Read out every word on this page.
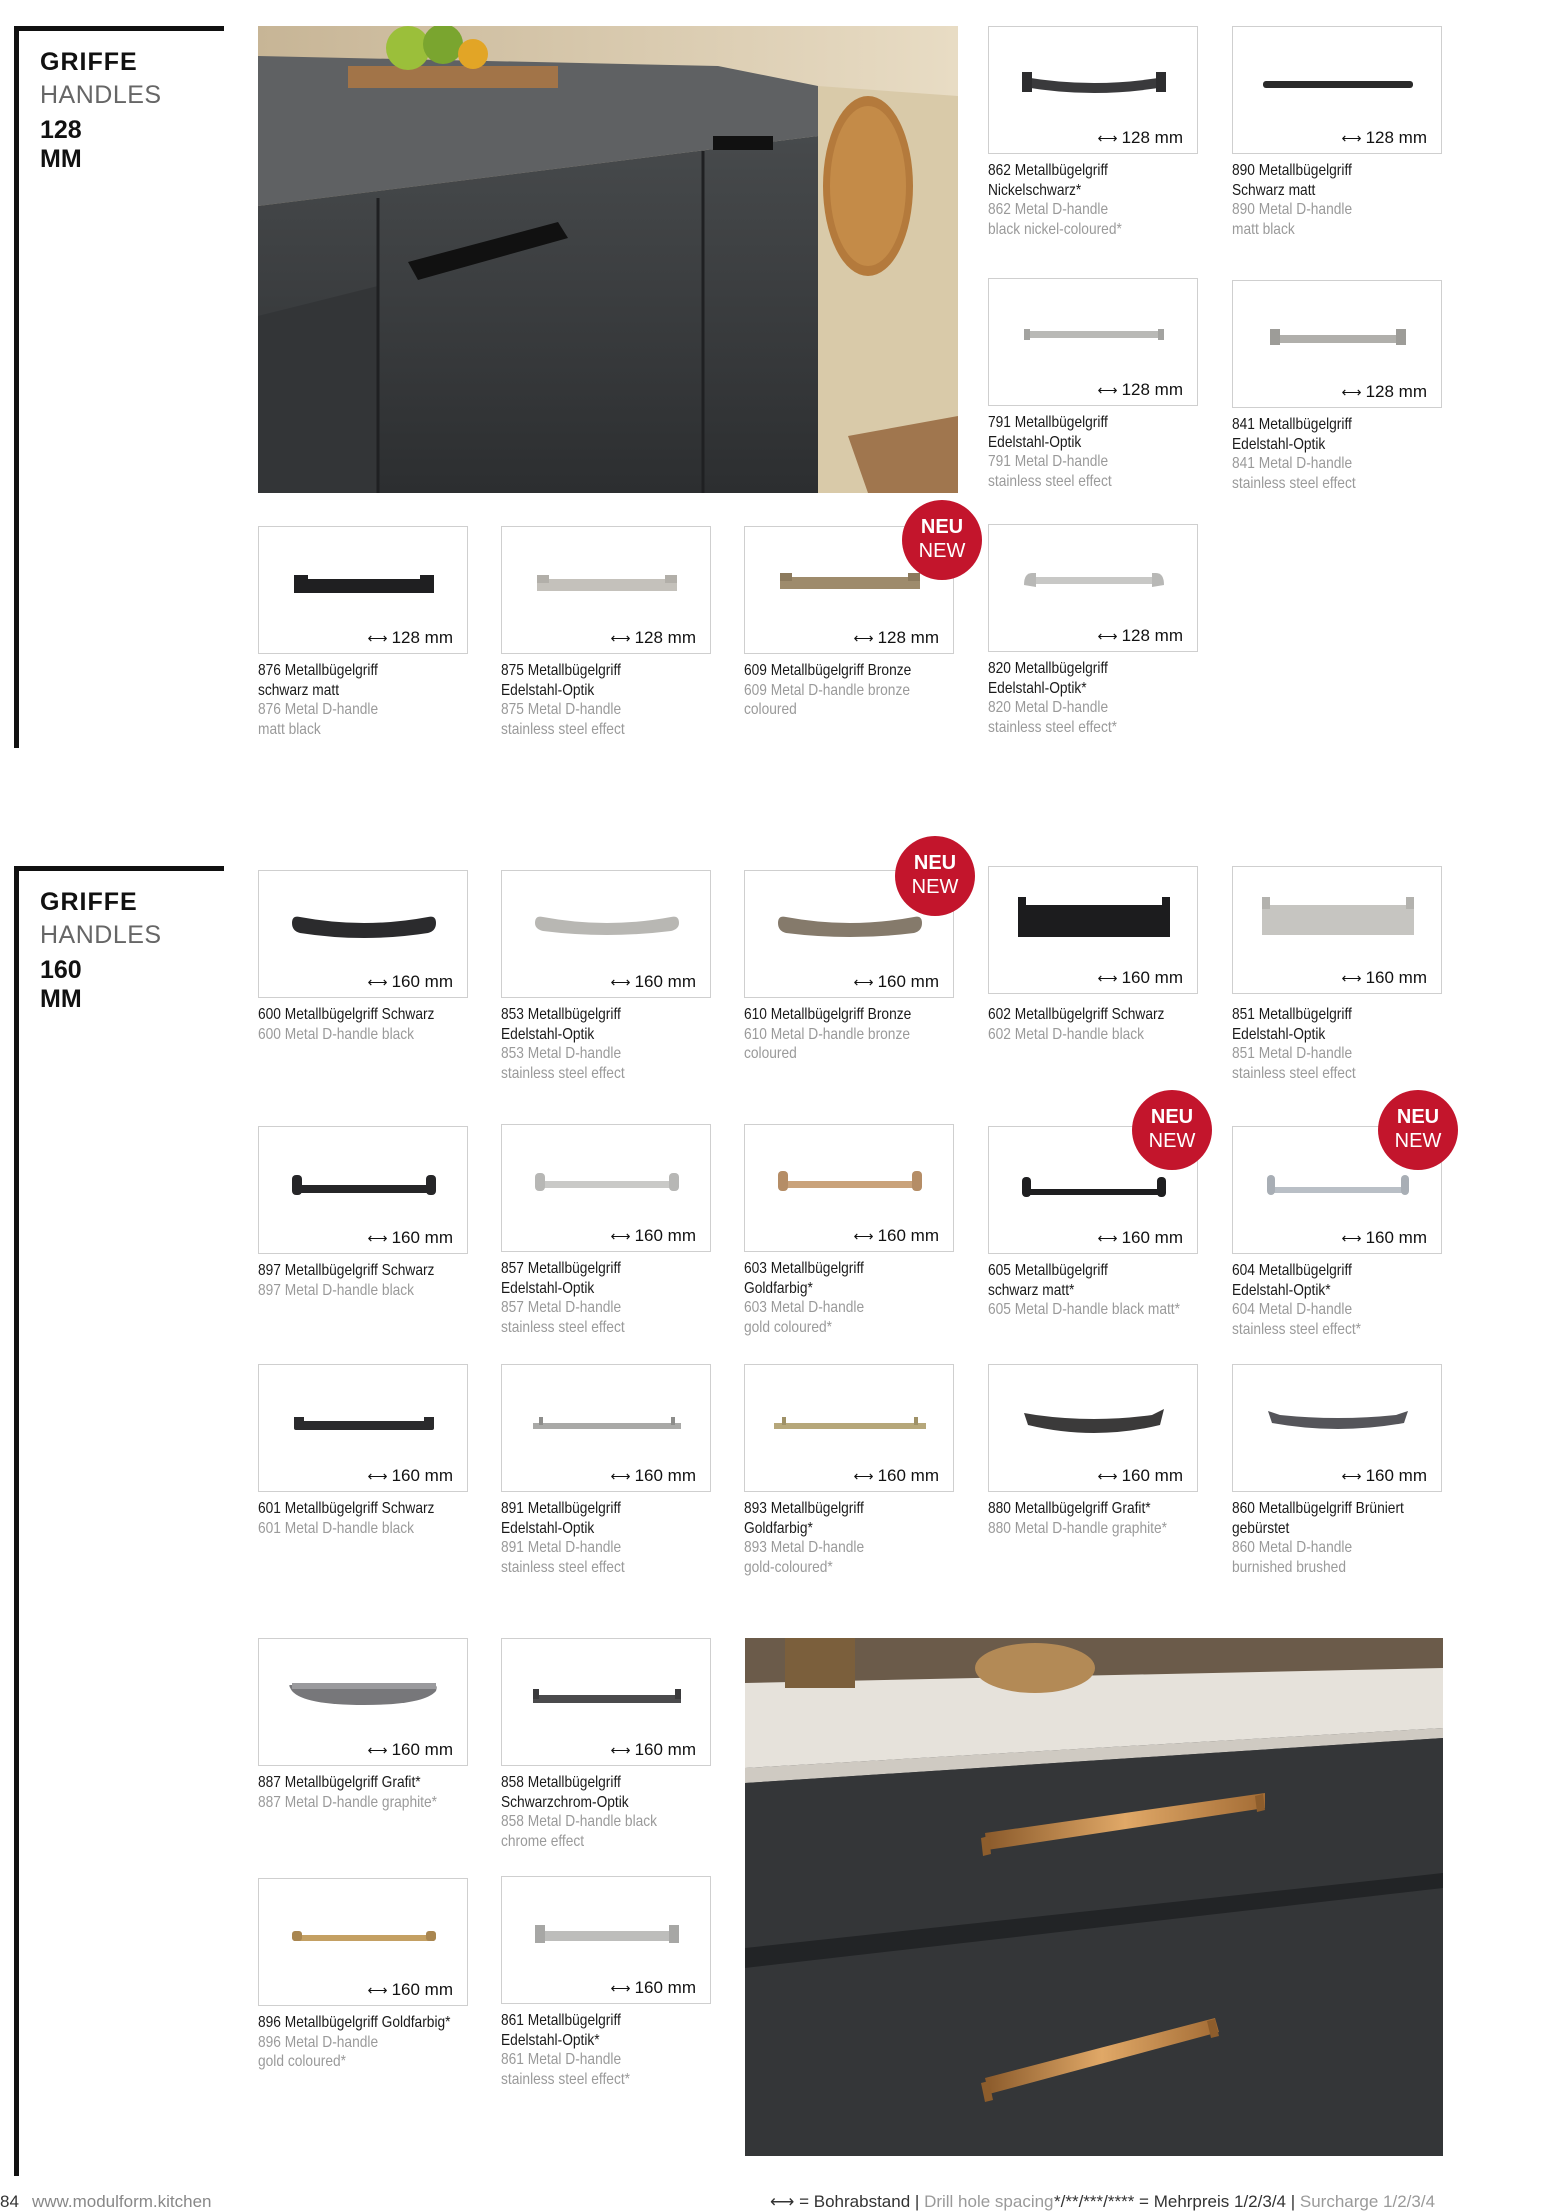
GRIFFE
HANDLES
128 MM
GRIFFE
HANDLES
160 MM
⟷ 128 mm
862 Metallbügelgriff
Nickelschwarz*
862 Metal D-handle
black nickel-coloured*
⟷ 128 mm
890 Metallbügelgriff
Schwarz matt
890 Metal D-handle
matt black
⟷ 128 mm
791 Metallbügelgriff
Edelstahl-Optik
791 Metal D-handle
stainless steel effect
⟷ 128 mm
841 Metallbügelgriff
Edelstahl-Optik
841 Metal D-handle
stainless steel effect
⟷ 128 mm
876 Metallbügelgriff
schwarz matt
876 Metal D-handle
matt black
⟷ 128 mm
875 Metallbügelgriff
Edelstahl-Optik
875 Metal D-handle
stainless steel effect
⟷ 128 mm
609 Metallbügelgriff Bronze
609 Metal D-handle bronze
coloured
NEU
NEW
⟷ 128 mm
820 Metallbügelgriff
Edelstahl-Optik*
820 Metal D-handle
stainless steel effect*
⟷ 160 mm
600 Metallbügelgriff Schwarz
600 Metal D-handle black
⟷ 160 mm
853 Metallbügelgriff
Edelstahl-Optik
853 Metal D-handle
stainless steel effect
⟷ 160 mm
610 Metallbügelgriff Bronze
610 Metal D-handle bronze
coloured
NEU
NEW
⟷ 160 mm
602 Metallbügelgriff Schwarz
602 Metal D-handle black
⟷ 160 mm
851 Metallbügelgriff
Edelstahl-Optik
851 Metal D-handle
stainless steel effect
⟷ 160 mm
897 Metallbügelgriff Schwarz
897 Metal D-handle black
⟷ 160 mm
857 Metallbügelgriff
Edelstahl-Optik
857 Metal D-handle
stainless steel effect
⟷ 160 mm
603 Metallbügelgriff
Goldfarbig*
603 Metal D-handle
gold coloured*
⟷ 160 mm
605 Metallbügelgriff
schwarz matt*
605 Metal D-handle black matt*
NEU
NEW
⟷ 160 mm
604 Metallbügelgriff
Edelstahl-Optik*
604 Metal D-handle
stainless steel effect*
NEU
NEW
⟷ 160 mm
601 Metallbügelgriff Schwarz
601 Metal D-handle black
⟷ 160 mm
891 Metallbügelgriff
Edelstahl-Optik
891 Metal D-handle
stainless steel effect
⟷ 160 mm
893 Metallbügelgriff
Goldfarbig*
893 Metal D-handle
gold-coloured*
⟷ 160 mm
880 Metallbügelgriff Grafit*
880 Metal D-handle graphite*
⟷ 160 mm
860 Metallbügelgriff Brüniert
gebürstet
860 Metal D-handle
burnished brushed
⟷ 160 mm
887 Metallbügelgriff Grafit*
887 Metal D-handle graphite*
⟷ 160 mm
858 Metallbügelgriff
Schwarzchrom-Optik
858 Metal D-handle black
chrome effect
⟷ 160 mm
896 Metallbügelgriff Goldfarbig*
896 Metal D-handle
gold coloured*
⟷ 160 mm
861 Metallbügelgriff
Edelstahl-Optik*
861 Metal D-handle
stainless steel effect*
84 www.modulform.kitchen	⟷ = Bohrabstand | Drill hole spacing */**/***/**** = Mehrpreis 1/2/3/4 | Surcharge 1/2/3/4
